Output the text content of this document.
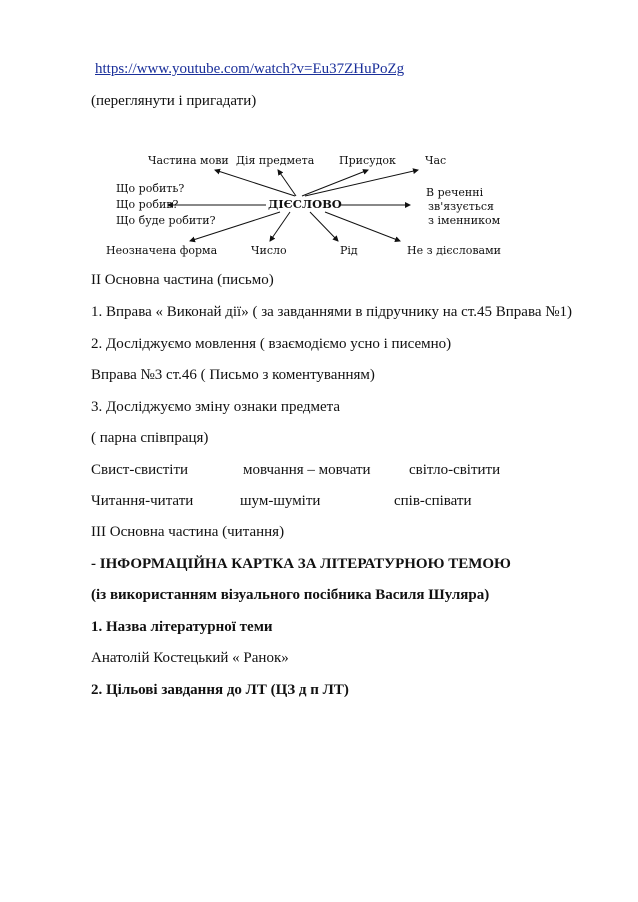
https://www.youtube.com/watch?v=Eu37ZHuPoZg
(переглянути і пригадати)
ДІЄСЛОВО
Частина мови Дія предмета Присудок	Час
Що робить?
Що робив?
Що буде робити?
В реченні
зв'язується
з іменником
Неозначена форма	Число	Рід	Не з дієсловами
ІІ Основна частина (письмо)
1. Вправа « Виконай дії» ( за завданнями в підручнику на ст.45 Вправа №1)
2. Досліджуємо мовлення ( взаємодіємо усно і писемно)
Вправа №3 ст.46 ( Письмо з коментуванням)
3. Досліджуємо зміну ознаки предмета
( парна співпраця)
Свист-свистіти	мовчання – мовчати	світло-світити
Читання-читати	шум-шуміти	спів-співати
ІІІ Основна частина (читання)
- ІНФОРМАЦІЙНА КАРТКА ЗА ЛІТЕРАТУРНОЮ ТЕМОЮ
(із використанням візуального посібника Василя Шуляра)
1. Назва літературної теми
Анатолій Костецький « Ранок»
2. Цільові завдання до ЛТ (ЦЗ д п ЛТ)
